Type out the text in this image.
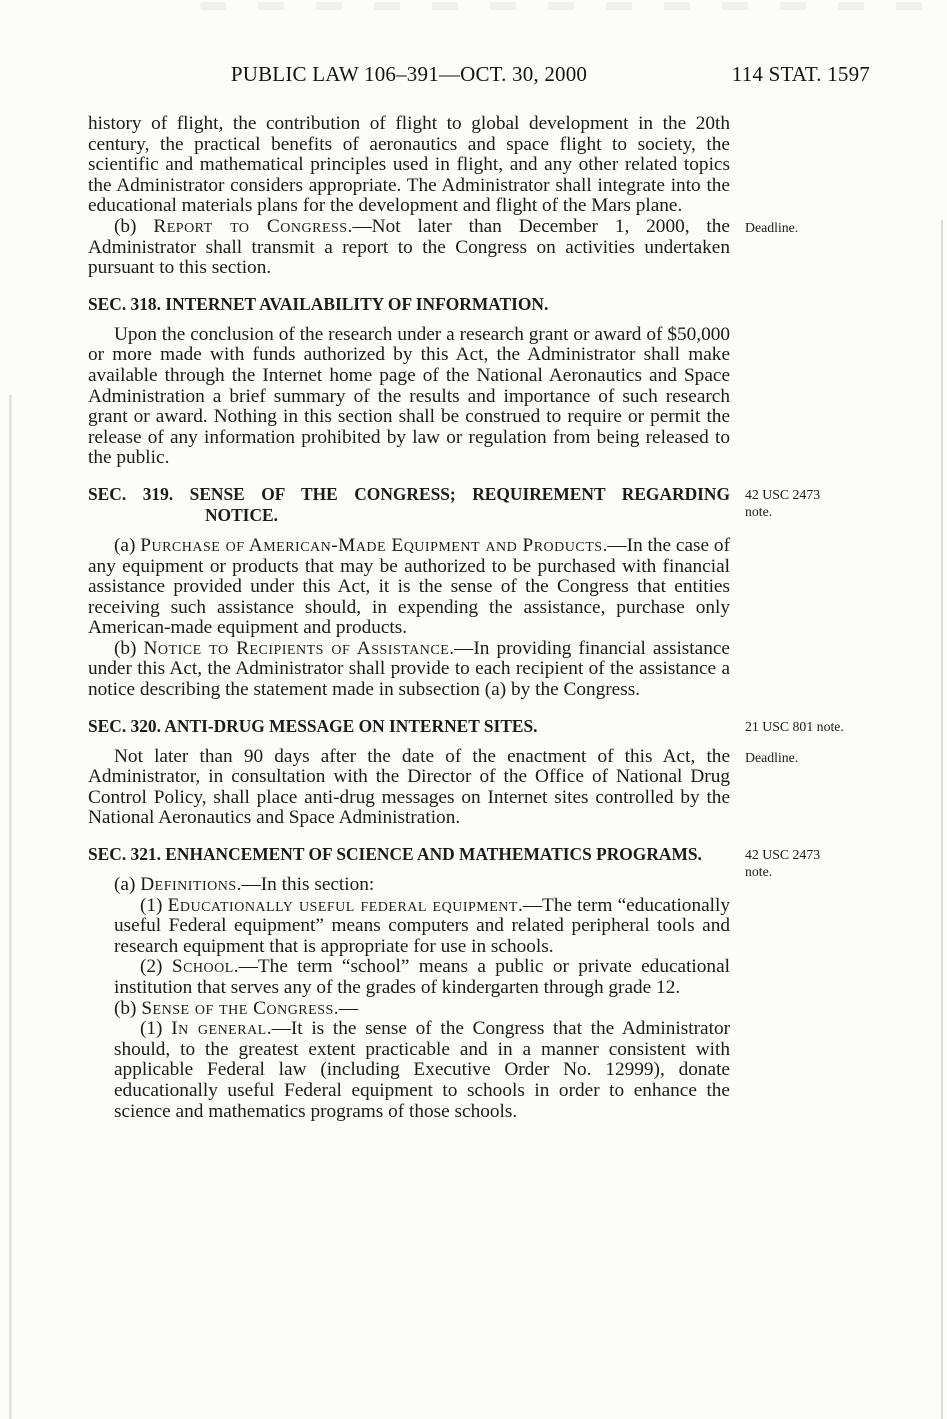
PUBLIC LAW 106–391—OCT. 30, 2000	114 STAT. 1597

history of flight, the contribution of flight to global development in the 20th century, the practical benefits of aeronautics and space flight to society, the scientific and mathematical principles used in flight, and any other related topics the Administrator considers appropriate. The Administrator shall integrate into the educational materials plans for the development and flight of the Mars plane.

(b) Report to Congress.—Not later than December 1, 2000, the Administrator shall transmit a report to the Congress on activities undertaken pursuant to this section.

Deadline.
SEC. 318. INTERNET AVAILABILITY OF INFORMATION.

Upon the conclusion of the research under a research grant or award of $50,000 or more made with funds authorized by this Act, the Administrator shall make available through the Internet home page of the National Aeronautics and Space Administration a brief summary of the results and importance of such research grant or award. Nothing in this section shall be construed to require or permit the release of any information prohibited by law or regulation from being released to the public.

SEC. 319. SENSE OF THE CONGRESS; REQUIREMENT REGARDING
NOTICE.
42 USC 2473
note.

(a) Purchase of American-Made Equipment and Products.—In the case of any equipment or products that may be authorized to be purchased with financial assistance provided under this Act, it is the sense of the Congress that entities receiving such assistance should, in expending the assistance, purchase only American-made equipment and products.

(b) Notice to Recipients of Assistance.—In providing financial assistance under this Act, the Administrator shall provide to each recipient of the assistance a notice describing the statement made in subsection (a) by the Congress.

SEC. 320. ANTI-DRUG MESSAGE ON INTERNET SITES.	21 USC 801 note.

Not later than 90 days after the date of the enactment of this Act, the Administrator, in consultation with the Director of the Office of National Drug Control Policy, shall place anti-drug messages on Internet sites controlled by the National Aeronautics and Space Administration.

Deadline.
SEC. 321. ENHANCEMENT OF SCIENCE AND MATHEMATICS PROGRAMS.	42 USC 2473
note.

(a) Definitions.—In this section:

(1) Educationally useful federal equipment.—The term “educationally useful Federal equipment” means computers and related peripheral tools and research equipment that is appropriate for use in schools.

(2) School.—The term “school” means a public or private educational institution that serves any of the grades of kindergarten through grade 12.

(b) Sense of the Congress.—

(1) In general.—It is the sense of the Congress that the Administrator should, to the greatest extent practicable and in a manner consistent with applicable Federal law (including Executive Order No. 12999), donate educationally useful Federal equipment to schools in order to enhance the science and mathematics programs of those schools.
